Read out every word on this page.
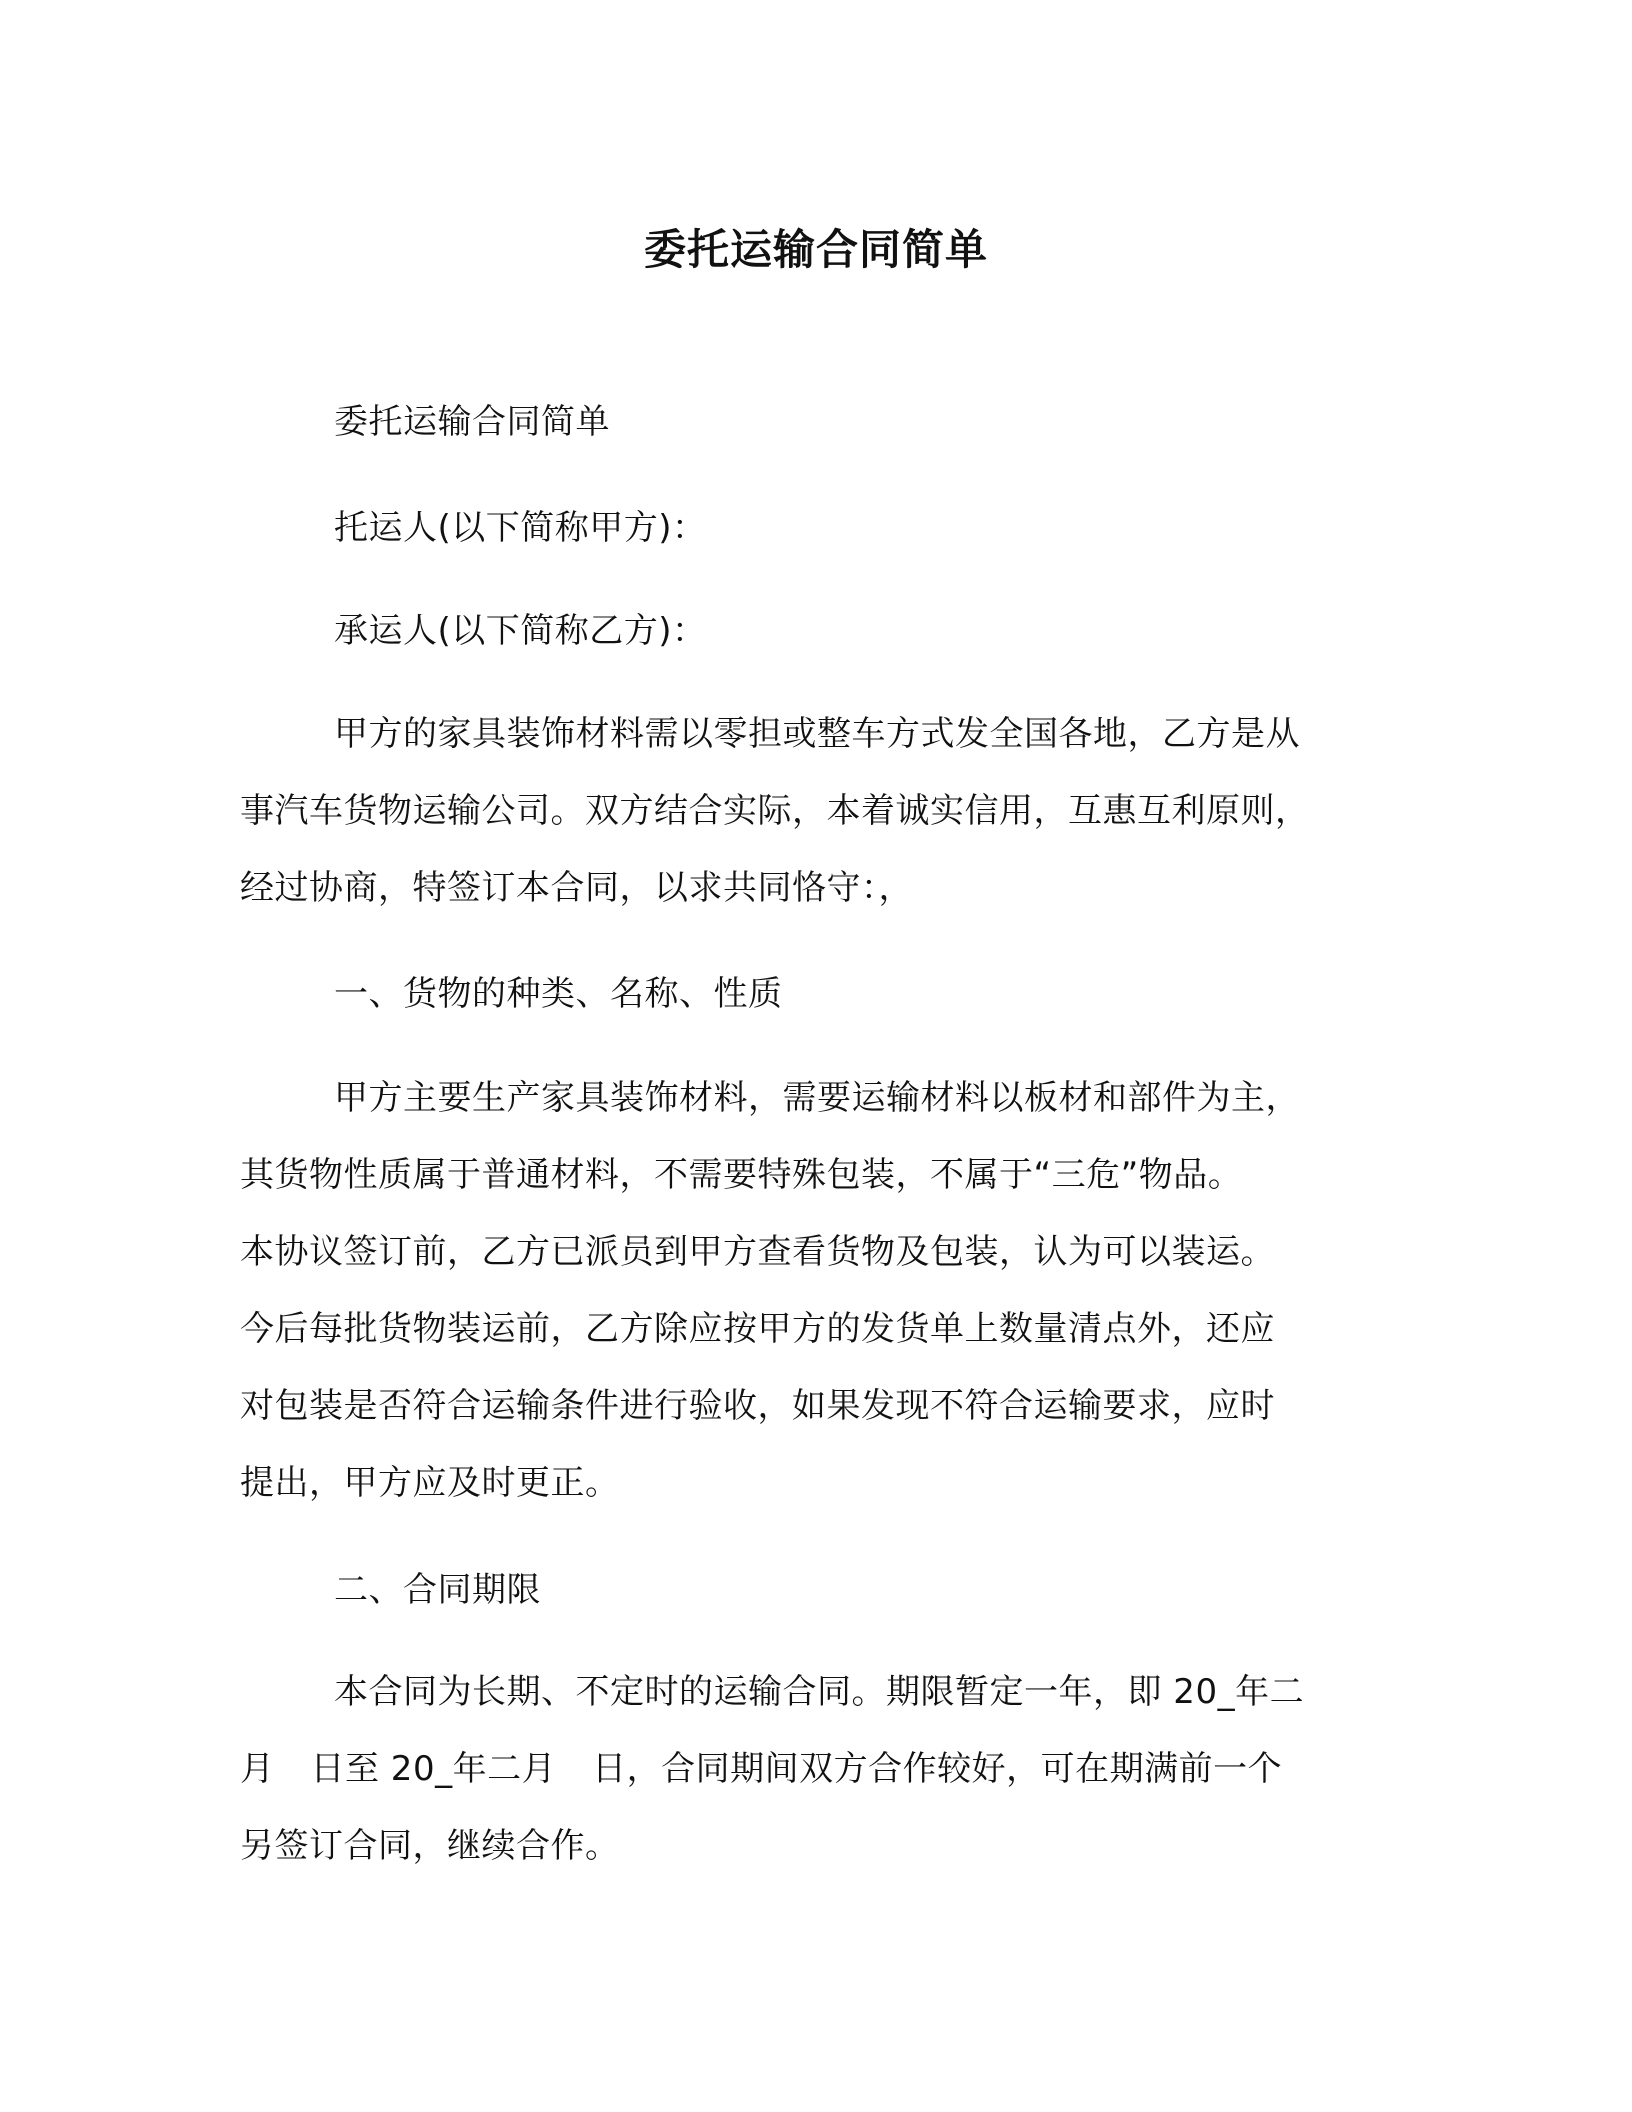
委托运输合同简单

委托运输合同简单

托运人(以下简称甲方)：

承运人(以下简称乙方)：

甲方的家具装饰材料需以零担或整车方式发全国各地，乙方是从
事汽车货物运输公司。双方结合实际，本着诚实信用，互惠互利原则，
经过协商，特签订本合同，以求共同恪守：，

一、货物的种类、名称、性质

甲方主要生产家具装饰材料，需要运输材料以板材和部件为主，
其货物性质属于普通材料，不需要特殊包装，不属于“三危”物品。
本协议签订前，乙方已派员到甲方查看货物及包装，认为可以装运。
今后每批货物装运前，乙方除应按甲方的发货单上数量清点外，还应
对包装是否符合运输条件进行验收，如果发现不符合运输要求，应时
提出，甲方应及时更正。

二、合同期限

本合同为长期、不定时的运输合同。期限暂定一年，即 20_年二
月 日至 20_年二月 日，合同期间双方合作较好，可在期满前一个
另签订合同，继续合作。
